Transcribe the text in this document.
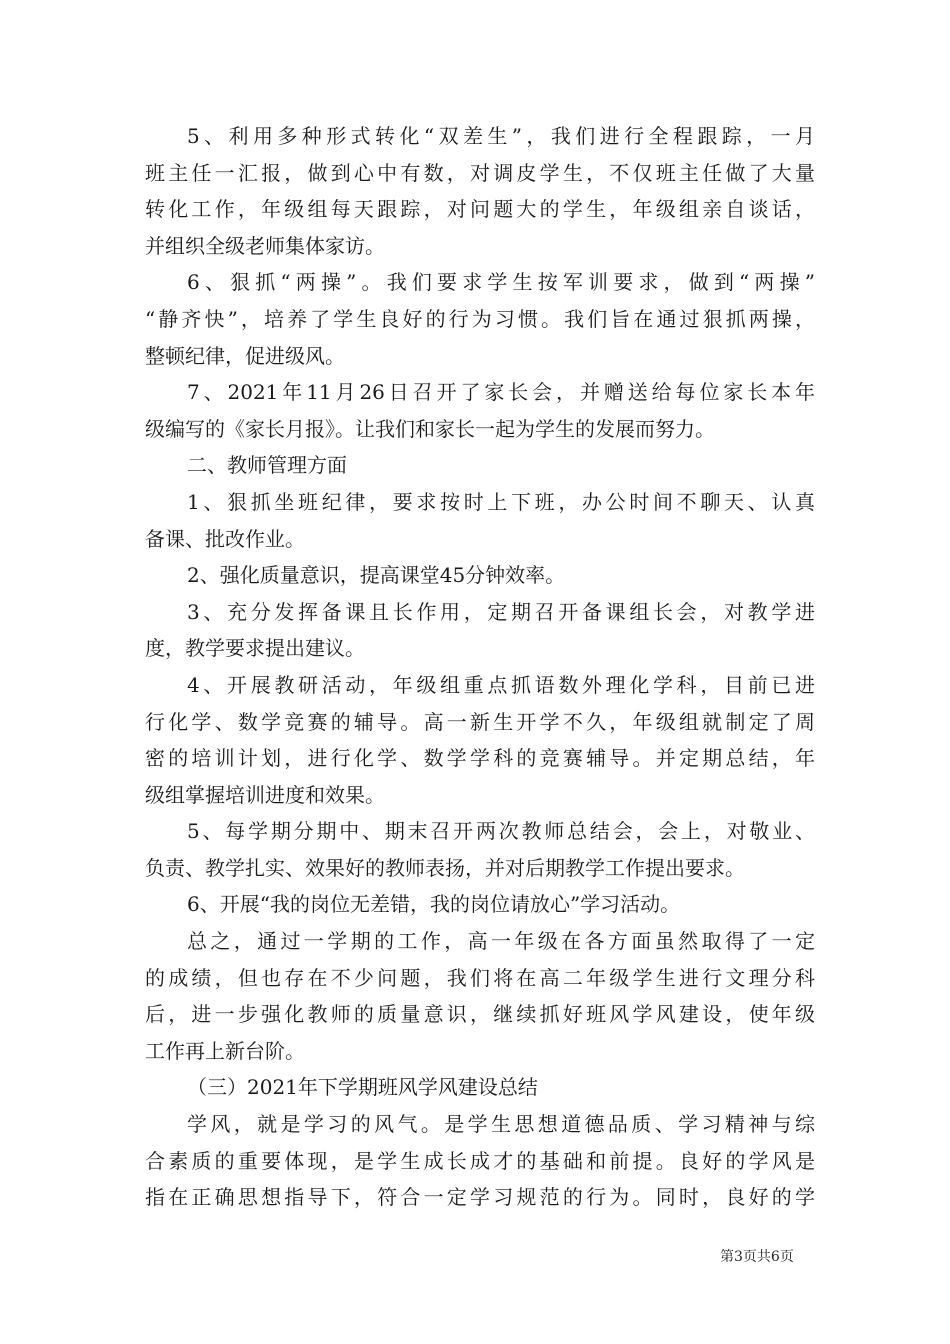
5、利用多种形式转化“双差生”，我们进行全程跟踪，一月
班主任一汇报，做到心中有数，对调皮学生，不仅班主任做了大量
转化工作，年级组每天跟踪，对问题大的学生，年级组亲自谈话，
并组织全级老师集体家访。
6、狠抓“两操”。我们要求学生按军训要求，做到“两操”
“静齐快”，培养了学生良好的行为习惯。我们旨在通过狠抓两操，
整顿纪律，促进级风。
7、2021年11月26日召开了家长会，并赠送给每位家长本年
级编写的《家长月报》。让我们和家长一起为学生的发展而努力。
二、教师管理方面
1、狠抓坐班纪律，要求按时上下班，办公时间不聊天、认真
备课、批改作业。
2、强化质量意识，提高课堂45分钟效率。
3、充分发挥备课且长作用，定期召开备课组长会，对教学进
度，教学要求提出建议。
4、开展教研活动，年级组重点抓语数外理化学科，目前已进
行化学、数学竞赛的辅导。高一新生开学不久，年级组就制定了周
密的培训计划，进行化学、数学学科的竞赛辅导。并定期总结，年
级组掌握培训进度和效果。
5、每学期分期中、期末召开两次教师总结会，会上，对敬业、
负责、教学扎实、效果好的教师表扬，并对后期教学工作提出要求。
6、开展“我的岗位无差错，我的岗位请放心”学习活动。
总之，通过一学期的工作，高一年级在各方面虽然取得了一定
的成绩，但也存在不少问题，我们将在高二年级学生进行文理分科
后，进一步强化教师的质量意识，继续抓好班风学风建设，使年级
工作再上新台阶。
（三）2021年下学期班风学风建设总结
学风，就是学习的风气。是学生思想道德品质、学习精神与综
合素质的重要体现，是学生成长成才的基础和前提。良好的学风是
指在正确思想指导下，符合一定学习规范的行为。同时，良好的学
第3页共6页
